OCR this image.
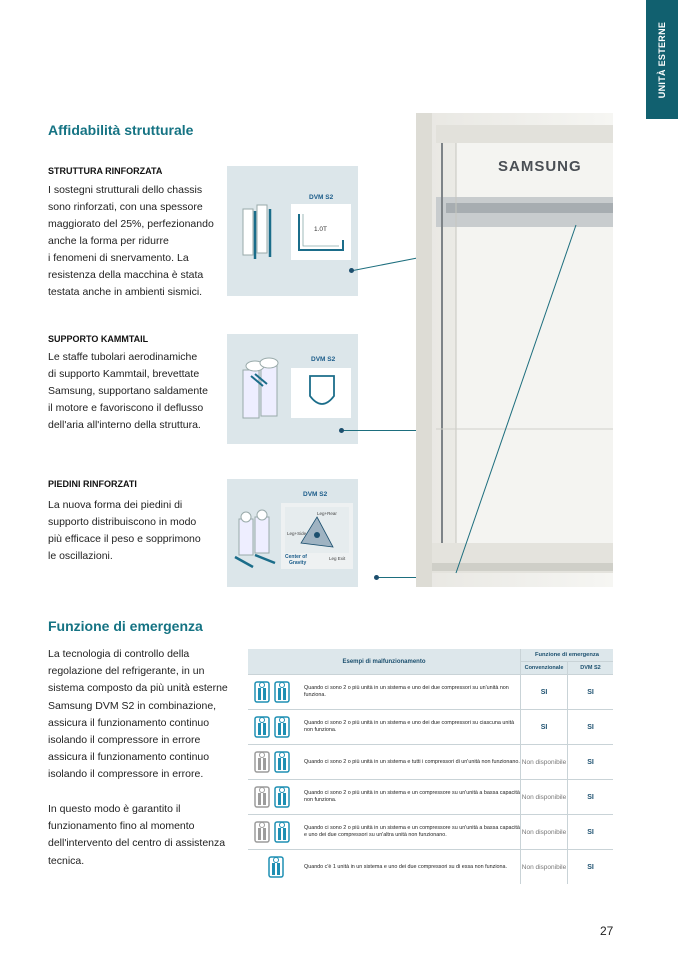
UNITÀ ESTERNE
Affidabilità strutturale
STRUTTURA RINFORZATA
I sostegni strutturali dello chassis
sono rinforzati, con una spessore
maggiorato del 25%, perfezionando
anche la forma per ridurre
i fenomeni di snervamento. La
resistenza della macchina è stata
testata anche in ambienti sismici.
SUPPORTO KAMMTAIL
Le staffe tubolari aerodinamiche
di supporto Kammtail, brevettate
Samsung, supportano saldamente
il motore e favoriscono il deflusso
dell'aria all'interno della struttura.
PIEDINI RINFORZATI
La nuova forma dei piedini di
supporto distribuiscono in modo
più efficace il peso e sopprimono
le oscillazioni.
DVM S2
1.0T
DVM S2
DVM S2
Leg+Rear
Leg+Side
Leg Exit
Center of
Gravity
SAMSUNG
Funzione di emergenza
La tecnologia di controllo della
regolazione del refrigerante, in un
sistema composto da più unità esterne
Samsung DVM S2 in combinazione,
assicura il funzionamento continuo
isolando il compressore in errore
assicura il funzionamento continuo
isolando il compressore in errore.
In questo modo è garantito il
funzionamento fino al momento
dell'intervento del centro di assistenza
tecnica.
Esempi di malfunzionamento		Funzione di emergenza	
		Convenzionale	DVM S2
	Quando ci sono 2 o più unità in un sistema e uno dei due compressori su un'unità non funziona.	SI	SI
	Quando ci sono 2 o più unità in un sistema e uno dei due compressori su ciascuna unità non funziona.	SI	SI
	Quando ci sono 2 o più unità in un sistema e tutti i compressori di un'unità non funzionano.	Non disponibile	SI
	Quando ci sono 2 o più unità in un sistema e un compressore su un'unità a bassa capacità non funziona.	Non disponibile	SI
	Quando ci sono 2 o più unità in un sistema e un compressore su un'unità a bassa capacità e uno dei due compressori su un'altra unità non funzionano.	Non disponibile	SI
	Quando c'è 1 unità in un sistema e uno dei due compressori su di essa non funziona.	Non disponibile	SI
27
